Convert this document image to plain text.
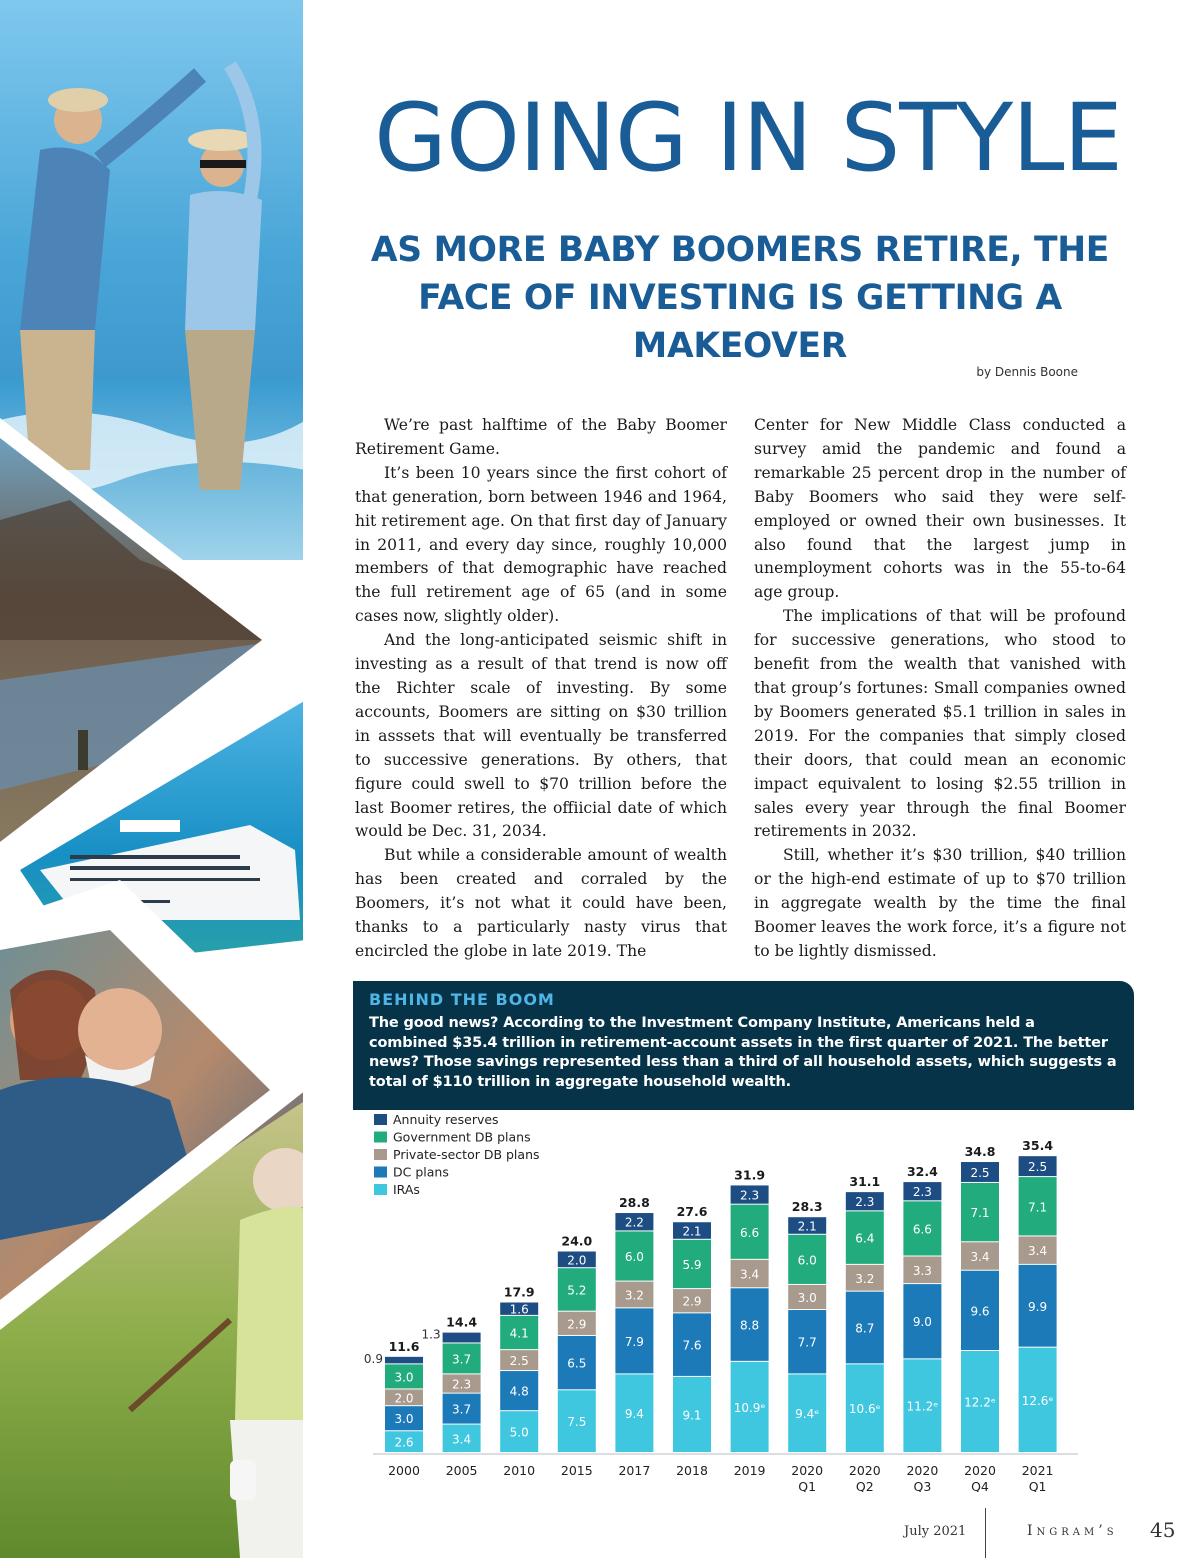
GOING IN STYLE
AS MORE BABY BOOMERS RETIRE, THE FACE OF INVESTING IS GETTING A MAKEOVER
by Dennis Boone

We’re past halftime of the Baby Boomer Retirement Game.

It’s been 10 years since the first cohort of that generation, born between 1946 and 1964, hit retirement age. On that first day of January in 2011, and every day since, roughly 10,000 members of that demographic have reached the full retirement age of 65 (and in some cases now, slightly older).

And the long-anticipated seismic shift in investing as a result of that trend is now off the Richter scale of investing. By some accounts, Boomers are sitting on $30 trillion in asssets that will eventually be transferred to successive generations. By others, that figure could swell to $70 trillion before the last Boomer retires, the offiicial date of which would be Dec. 31, 2034.

But while a considerable amount of wealth has been created and corraled by the Boomers, it’s not what it could have been, thanks to a particularly nasty virus that encircled the globe in late 2019. The

Center for New Middle Class conducted a survey amid the pandemic and found a remarkable 25 percent drop in the number of Baby Boomers who said they were self-employed or owned their own businesses. It also found that the largest jump in unemployment cohorts was in the 55-to-64 age group.

The implications of that will be profound for successive generations, who stood to benefit from the wealth that vanished with that group’s fortunes: Small companies owned by Boomers generated $5.1 trillion in sales in 2019. For the companies that simply closed their doors, that could mean an economic impact equivalent to losing $2.55 trillion in sales every year through the final Boomer retirements in 2032.

Still, whether it’s $30 trillion, $40 trillion or the high-end estimate of up to $70 trillion in aggregate wealth by the time the final Boomer leaves the work force, it’s a figure not to be lightly dismissed.

BEHIND THE BOOM
The good news? According to the Investment Company Institute, Americans held a combined $35.4 trillion in retirement-account assets in the first quarter of 2021. The better news? Those savings represented less than a third of all household assets, which suggests a total of $110 trillion in aggregate household wealth.
Annuity reserves
Government DB plans
Private-sector DB plans
DC plans
IRAs
2.6
3.0
2.0
3.0
0.9
11.6
3.4
3.7
2.3
3.7
1.3
14.4
5.0
4.8
2.5
4.1
1.6
17.9
7.5
6.5
2.9
5.2
2.0
24.0
9.4
7.9
3.2
6.0
2.2
28.8
9.1
7.6
2.9
5.9
2.1
27.6
10.9ᵉ
8.8
3.4
6.6
2.3
31.9
9.4ᵉ
7.7
3.0
6.0
2.1
28.3
10.6ᵉ
8.7
3.2
6.4
2.3
31.1
11.2ᵉ
9.0
3.3
6.6
2.3
32.4
12.2ᵉ
9.6
3.4
7.1
2.5
34.8
12.6ᵉ
9.9
3.4
7.1
2.5
35.4
2000 2005 2010 2015 2017 2018 2019 2020
Q1
2020
Q2
2020
Q3
2020
Q4
2021
Q1
July 2021	Ingram’s 45
